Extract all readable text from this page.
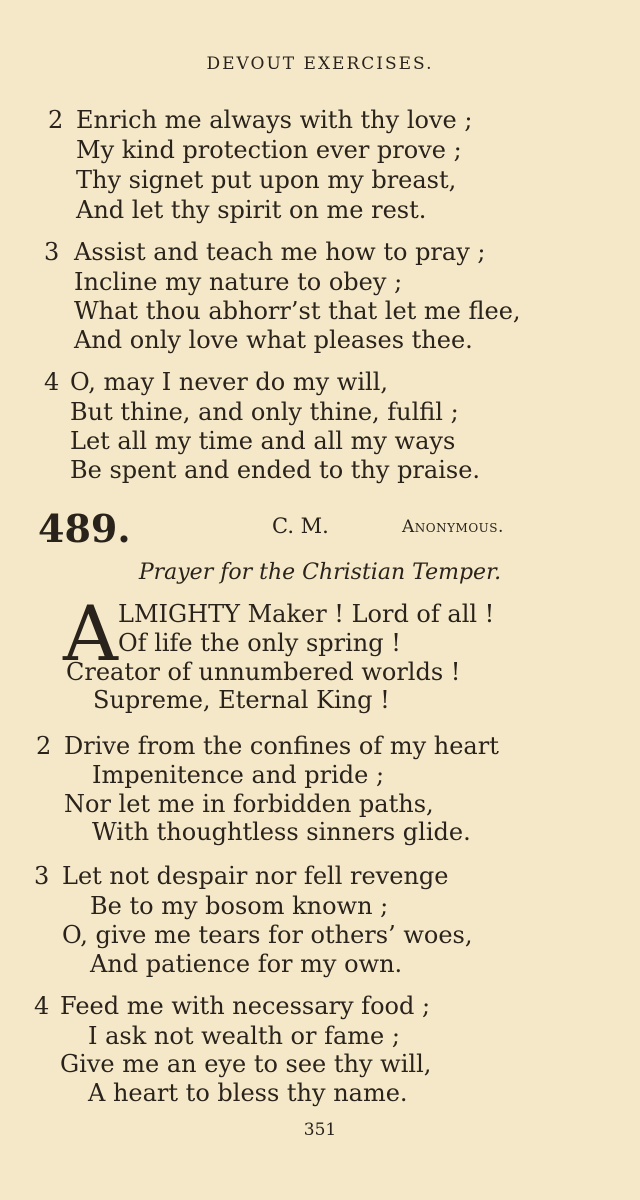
DEVOUT EXERCISES.
2 Enrich me always with thy love ;
My kind protection ever prove ;
Thy signet put upon my breast,
And let thy spirit on me rest.
3 Assist and teach me how to pray ;
Incline my nature to obey ;
What thou abhorr’st that let me flee,
And only love what pleases thee.
4 O, may I never do my will,
But thine, and only thine, fulfil ;
Let all my time and all my ways
Be spent and ended to thy praise.
489.	C. M.	Anonymous.
Prayer for the Christian Temper.
A LMIGHTY Maker ! Lord of all !
Of life the only spring !
Creator of unnumbered worlds !
Supreme, Eternal King !
2 Drive from the confines of my heart
Impenitence and pride ;
Nor let me in forbidden paths,
With thoughtless sinners glide.
3 Let not despair nor fell revenge
Be to my bosom known ;
O, give me tears for others’ woes,
And patience for my own.
4 Feed me with necessary food ;
I ask not wealth or fame ;
Give me an eye to see thy will,
A heart to bless thy name.
351
